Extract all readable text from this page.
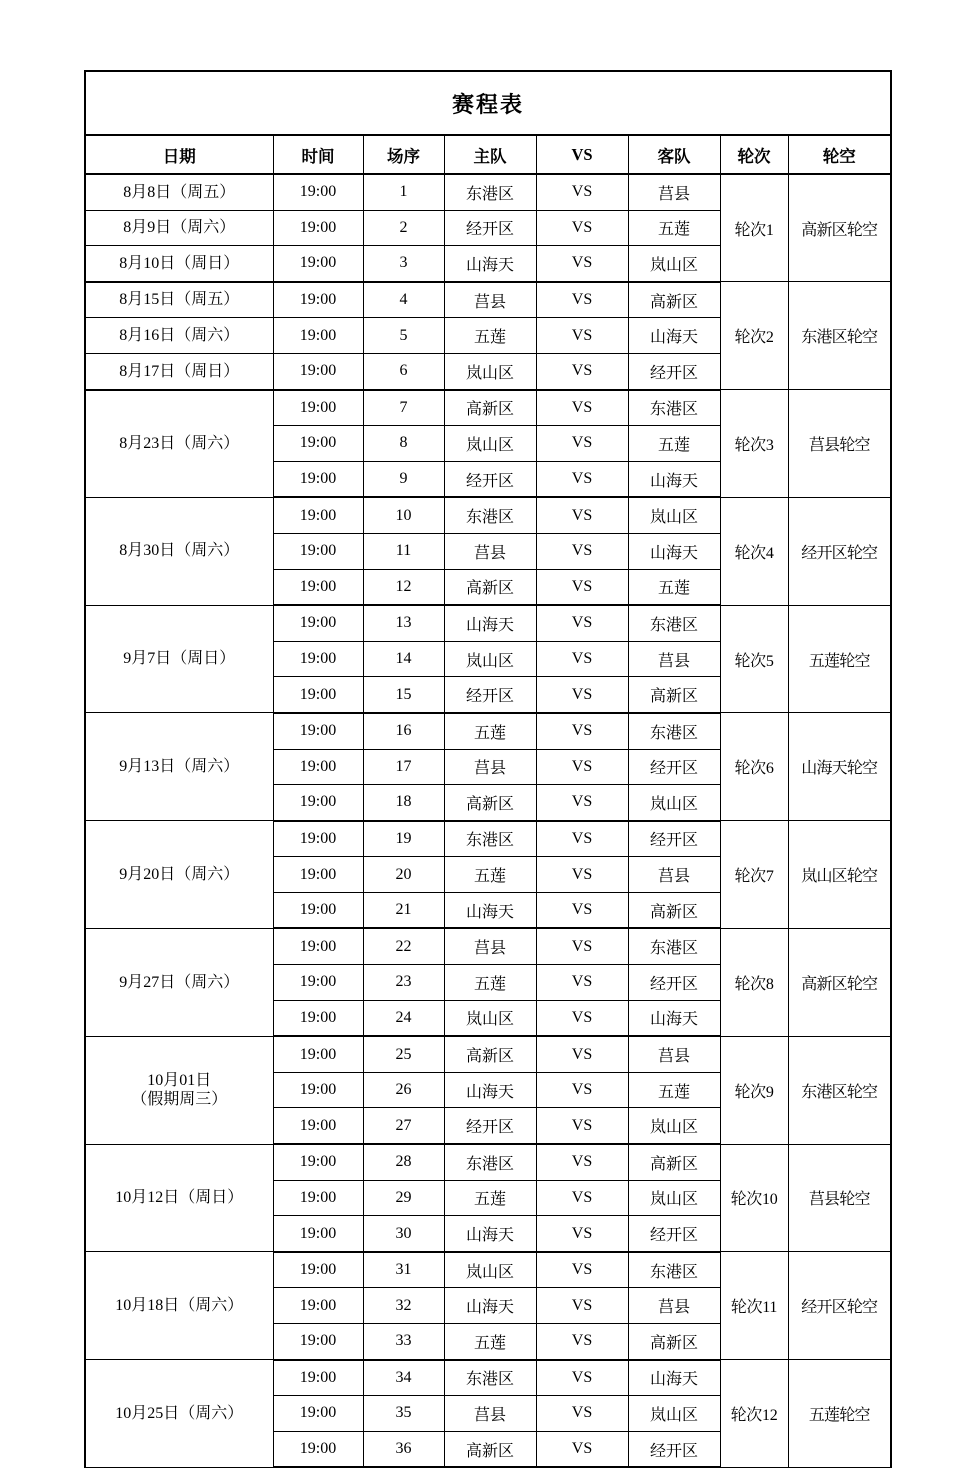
赛程表							
日期	时间	场序	主队	VS	客队	轮次	轮空

8月8日（周五）	19:00	1	东港区	VS	莒县	轮次1	高新区轮空

8月9日（周六）	19:00	2	经开区	VS	五莲		

8月10日（周日）	19:00	3	山海天	VS	岚山区		

8月15日（周五）	19:00	4	莒县	VS	高新区	轮次2	东港区轮空

8月16日（周六）	19:00	5	五莲	VS	山海天		

8月17日（周日）	19:00	6	岚山区	VS	经开区		

8月23日（周六）	19:00	7	高新区	VS	东港区	轮次3	莒县轮空
	19:00	8	岚山区	VS	五莲		
	19:00	9	经开区	VS	山海天		

8月30日（周六）	19:00	10	东港区	VS	岚山区	轮次4	经开区轮空
	19:00	11	莒县	VS	山海天		
	19:00	12	高新区	VS	五莲		

9月7日（周日）	19:00	13	山海天	VS	东港区	轮次5	五莲轮空
	19:00	14	岚山区	VS	莒县		
	19:00	15	经开区	VS	高新区		

9月13日（周六）	19:00	16	五莲	VS	东港区	轮次6	山海天轮空
	19:00	17	莒县	VS	经开区		
	19:00	18	高新区	VS	岚山区		

9月20日（周六）	19:00	19	东港区	VS	经开区	轮次7	岚山区轮空
	19:00	20	五莲	VS	莒县		
	19:00	21	山海天	VS	高新区		

9月27日（周六）	19:00	22	莒县	VS	东港区	轮次8	高新区轮空
	19:00	23	五莲	VS	经开区		
	19:00	24	岚山区	VS	山海天		

10月01日
（假期周三）	19:00	25	高新区	VS	莒县	轮次9	东港区轮空
	19:00	26	山海天	VS	五莲		
	19:00	27	经开区	VS	岚山区		

10月12日（周日）	19:00	28	东港区	VS	高新区	轮次10	莒县轮空
	19:00	29	五莲	VS	岚山区		
	19:00	30	山海天	VS	经开区		

10月18日（周六）	19:00	31	岚山区	VS	东港区	轮次11	经开区轮空
	19:00	32	山海天	VS	莒县		
	19:00	33	五莲	VS	高新区		

10月25日（周六）	19:00	34	东港区	VS	山海天	轮次12	五莲轮空
	19:00	35	莒县	VS	岚山区		
	19:00	36	高新区	VS	经开区		
